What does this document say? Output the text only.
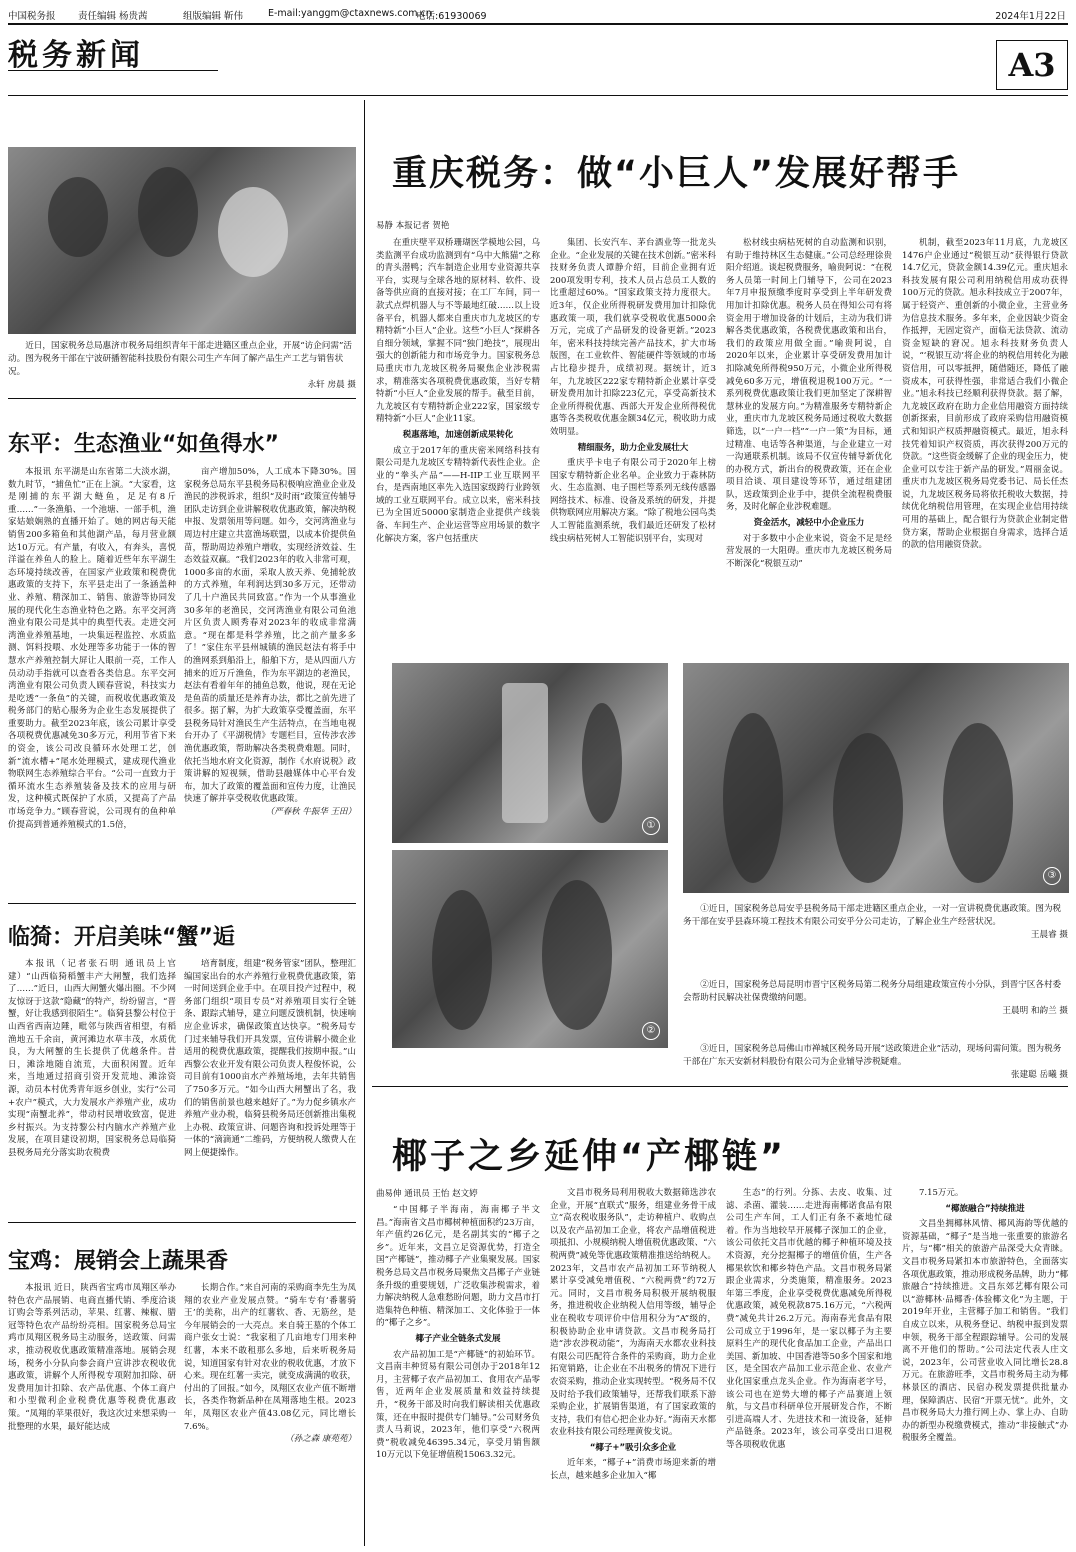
中国税务报 责任编辑 杨贵茜	组版编辑 靳伟	E-mail:yanggm@ctaxnews.com.cn
电话:61930069	2024年1月22日
税务新闻	A3
近日，国家税务总局惠济市税务局组织青年干部走进籍区重点企业，开展“访企问需”活动。图为税务干部在宁波研播智能科技股份有限公司生产车间了解产品生产工艺与销售状况。
永轩 房晨 摄
东平：生态渔业“如鱼得水”

本报讯 东平湖是山东省第二大淡水湖，数九时节，“捕鱼忙”正在上演。“大家看，这是刚捕的东平湖大鲢鱼，足足有8斤重……”一条渔船、一个池塘、一部手机，渔家姑娘娴熟的直播开始了。她的网店每天能销售200多箱鱼和其他湖产品，每月营业额达10万元。有产量，有收入，有奔头，喜悦洋溢在养鱼人的脸上。随着近些年东平湖生态环境持续改善，在国家产业政策和税费优惠政策的支持下，东平县走出了一条涵盖种业、养殖、精深加工、销售、旅游等协同发展的现代化生态渔业特色之路。东平交河湾渔业有限公司是其中的典型代表。走进交河湾渔业养殖基地，一块集远程监控、水质监测、饵料投喂、水处理等多功能于一体的智慧水产养殖控制大屏让人眼前一亮，工作人员动动手指就可以查看各类信息。东平交河湾渔业有限公司负责人顾春营说，科技实力是吃透“一条鱼”的关键，而税收优惠政策及税务部门的贴心服务为企业生态发展提供了重要助力。截至2023年底，该公司累计享受各项税费优惠减免30多万元，利用节省下来的资金，该公司改良循环水处理工艺，创新“流水槽+”尾水处理模式，建成现代渔业物联网生态养殖综合平台。“公司一直致力于循环流水生态养殖装备及技术的应用与研发，这种模式既保护了水质，又提高了产品市场竞争力。”顾春营说，公司现有的鱼种单价提高到普通养殖模式的1.5倍，

亩产增加50%，人工成本下降30%。国家税务总局东平县税务局积极响应渔业企业及渔民的涉税诉求，组织“及时雨”政策宣传辅导团队走访到企业讲解税收优惠政策，解决纳税申报、发票领用等问题。如今，交河湾渔业与周边村庄建立共富渔场联盟，以成本价提供鱼苗，帮助周边养殖户增收，实现经济效益、生态效益双赢。“我们2023年的收入非常可观，1000多亩的水面，采取人放天养、免捕轮放的方式养殖，年利润达到30多万元，还带动了几十户渔民共同致富。”作为一个从事渔业30多年的老渔民，交河湾渔业有限公司鱼池片区负责人顾秀春对2023年的收成非常满意。“现在都是科学养殖，比之前产量多多了！”家住东平县州城镇的渔民赵法有将手中的渔网系到船沿上，船舶下方，是从四面八方捕来的近万斤渔鱼，作为东平湖边的老渔民，赵法有看着年年的捕鱼总数，他说，现在无论是鱼苗的质量还是养育办法，都比之前先进了很多。据了解，为扩大政策享受覆盖面，东平县税务局针对渔民生产生活特点，在当地电视台开办了《平湖税情》专题栏目，宣传涉农涉渔优惠政策，帮助解决各类税费难题。同时，依托当地水府文化资源，制作《水府说税》政策讲解的短视频，借助县融媒体中心平台发布，加大了政策的覆盖面和宣传力度，让渔民快速了解并享受税收优惠政策。

（严春秋 牛振华 王田）

临猗：开启美味“蟹”逅

本报讯（记者张石明 通讯员上官建）“山西临猗稻蟹丰产大闸蟹，我们选择了……”近日，山西大闸蟹火爆出圈。不少网友惊讶于这款“隐藏”的特产，纷纷留言，“晋蟹，好让我感到很陌生”。临猗县黎公村位于山西省西南边陲，毗邻与陕西省相望，有稻渔地五千余亩，黄河滩边水草丰茂，水质优良，为大闸蟹的生长提供了优越条件。昔日，滩涂地随自流荒，大面积闲置。近年来，当地通过招商引资开发荒地、滩涂资源，动员本村优秀青年返乡创业，实行“公司+农户”模式，大力发展水产养殖产业，成功实现“南蟹北养”，带动村民增收致富，促进乡村振兴。为支持黎公村内脑水产养殖产业发展，在项目建设初期，国家税务总局临猗县税务局充分落实助农税费

培育制度，组建“税务管家”团队，整理汇编国家出台的水产养殖行业税费优惠政策，第一时间送到企业手中。在项目投产过程中，税务部门组织“项目专员”对养殖项目实行全链条、跟踪式辅导，建立问题反馈机制，快速响应企业诉求，确保政策直达快享。“税务局专门过来辅导我们开具发票，宣传讲解小微企业适用的税费优惠政策，提醒我们按期申报。”山西黎公农业开发有限公司负责人程俊怀说，公司目前有1000亩水产养殖场地，去年共销售了750多万元。“如今山西大闸蟹出了名，我们的销售前景也越来越好了。”为力促乡镇水产养殖产业办税，临猗县税务局还创新推出集税上办税、政策宣讲、问题咨询和投诉处理等于一体的“滴滴通”二维码，方便纳税人缴费人在网上便捷操作。

宝鸡：展销会上蔬果香

本报讯 近日，陕西省宝鸡市凤翔区举办特色农产品展销、电商直播代销、季度洽谈订购会等系列活动，苹果、红薯、辣椒、腊冠等特色农产品纷纷亮相。国家税务总局宝鸡市凤翔区税务局主动服务，送政策、问需求，推动税收优惠政策精准落地。展销会现场，税务小分队向参会商户宣讲涉农税收优惠政策，讲解个人所得税专项附加扣除、研发费用加计扣除、农产品优惠、个体工商户和小型微利企业税费优惠等税费优惠政策。“凤翔的苹果很好，我这次过来想采购一批整理的水果，最好能达成

长期合作。”来自河南的采购商李先生为凤翔的农业产业发展点赞。“骑车专有‘番薯骑王’的美称，出产的红薯软、香、无筋丝，是今年展销会的一大亮点。来自骑王墓的个体工商户张女士说：“我家租了几亩地专门用来种红薯，本来不敢租那么多地，后来听税务局说，知道国家有针对农业的税收优惠，才放下心来。现在红薯一卖完，就变成满满的收获，付出的了回报。”如今，凤翔区农业产值不断增长，各类作物新品种在凤翔落地生根。2023年，凤翔区农业产值43.08亿元，同比增长7.6%。

（孙之森 康苑苑）

重庆税务：做“小巨人”发展好帮手
易静 本报记者 贺艳

在重庆壁平双桥珊瑚医学模地公园，乌类监测平台成功监测到有“乌中大熊猫”之称的青头潜鸭；汽车制造企业用专业资源共享平台，实现与全球各地的原材料、软件、设备等供应商的直接对接；在工厂车间，同一款式点焊机器人与不等最地红破……以上设备平台，机器人都来自重庆市九龙坡区的专精特新“小巨人”企业。这些“小巨人”探耕各自细分领域，掌握不同“独门绝技”，展现出强大的创新能力和市场竞争力。国家税务总局重庆市九龙坡区税务局聚焦企业涉税需求，精准落实各项税费优惠政策，当好专精特新“小巨人”企业发展的帮手。截至目前，九龙坡区有专精特新企业222家，国家级专精特新“小巨人”企业11家。

税惠落地，加速创新成果转化

成立于2017年的重庆密米网络科技有限公司是九龙坡区专精特新代表性企业。企业的“拳头产品”——H-IIP工业互联网平台，是西南地区率先入选国家级跨行业跨领域的工业互联网平台。成立以来，密米科技已为全国近50000家制造企业提供产线装备、车间生产、企业运营等应用场景的数字化解决方案，客户包括重庆

集团、长安汽车、茅台酒业等一批龙头企业。“企业发展的关键在技术创新。”密米科技财务负责人谭静介绍，目前企业拥有近200项发明专利，技术人员占总员工人数的比重超过60%。“国家政策支持力度很大。近3年，仅企业所得税研发费用加计扣除优惠政策一项，我们就享受税收优惠5000余万元，完成了产品研发的设备更新。”2023年，密米科技持续完善产品技术，扩大市场版图，在工业软件、智能硬件等领域的市场占比稳步提升，成绩初现。据统计，近3年，九龙坡区222家专精特新企业累计享受研发费用加计扣除223亿元，享受高新技术企业所得税优惠、西部大开发企业所得税优惠等各类税收优惠金额34亿元，税收助力成效明显。

精细服务，助力企业发展壮大

重庆乎卡电子有限公司于2020年上榜国家专精特新企业名单。企业致力于森林防火、生态监测、电子围栏等系列无线传感器网络技术、标准、设备及系统的研发，并提供物联网应用解决方案。“除了税地公园鸟类人工智能监测系统，我们最近还研发了松材线虫病枯死树人工智能识别平台，实现对

松材线虫病枯死树的自动监测和识别，有助于维持林区生态健康。”公司总经理徐贵阳介绍道。谈起税费服务，喻贵阿说：“在税务人员第一时间上门辅导下，公司在2023年7月申报预缴季度时享受到上半年研发费用加计扣除优惠。税务人员在得知公司有将资金用于增加设备的计划后，主动为我们讲解各类优惠政策，各税费优惠政策和出台，我们的政策应用做全面。”喻贵阿说，自2020年以来，企业累计享受研发费用加计扣除减免所得税950万元，小微企业所得税减免60多万元，增值税退税100万元。“一系列税费优惠政策让我们更加坚定了深耕智慧林业的发展方向。”为精准服务专精特新企业，重庆市九龙坡区税务局通过税收大数据筛选，以“一户一档”“一户一策”为目标，通过精准、电话等各种渠道，与企业建立一对一沟通联系机制。该局不仅宣传辅导新优化的办税方式，新出台的税费政策，还在企业项目洽谈、项目建设等环节，通过组建团队，送政策到企业手中，提供全流程税费服务，及时化解企业涉税难题。

资金活水，减轻中小企业压力

对于多数中小企业来说，资金不足是经营发展的一大阻碍。重庆市九龙坡区税务局不断深化“税银互动”

机制，截至2023年11月底，九龙坡区1476户企业通过“税银互动”获得银行贷款14.7亿元，贷款金额14.39亿元。重庆旭永科技发展有限公司利用纳税信用成功获得100万元的贷款。旭永科技成立于2007年，属于轻资产、重创新的小微企业，主营业务为信息技术服务。多年来，企业因缺少资金作抵押，无固定资产，面临无法贷款、流动资金短缺的窘况。旭永科技财务负责人说，“‘税银互动’将企业的纳税信用转化为融资信用，可以零抵押，随借随还，降低了融资成本，可获得性强，非常适合我们小微企业。”旭永科技已经顺利获得贷款。据了解，九龙坡区政府在助力企业信用融资方面持续创新探索，目前形成了政府采购信用融资模式和知识产权质押融资模式。最近，旭永科技凭着知识产权资质，再次获得200万元的贷款。“这些资金缓解了企业的现金压力，使企业可以专注于新产品的研发。”周丽金说。重庆市九龙坡区税务局党委书记、局长任杰说，九龙坡区税务局将依托税收大数据，持续优化纳税信用管理，在实现企业信用持续可用的基础上，配合银行为贷款企业制定借贷方案，帮助企业根据自身需求，选择合适的款的信用融资贷款。

①
②
③
①近日，国家税务总局安乎县税务局干部走进籍区重点企业，一对一宣讲税费优惠政策。图为税务干部在安乎县森环境工程技术有限公司安乎分公司走访，了解企业生产经营状况。
王晨睿 摄
②近日，国家税务总局昆明市晋宁区税务局第二税务分局组建政策宣传小分队，到晋宁区各村委会帮助村民解决社保费缴纳问题。
王晨明 和韵兰 摄
③近日，国家税务总局佛山市禅城区税务局开展“送政策进企业”活动，现场问需问策。图为税务干部在广东天安新材料股份有限公司为企业辅导涉税疑难。
张建聪 岳曦 摄
椰子之乡延伸“产椰链”
曲易伸 通讯员 王怡 赵文婷

“中国椰子半海南，海南椰子半文昌。”海南省文昌市椰树种植面积约23万亩，年产值约26亿元，是名副其实的“椰子之乡”。近年来，文昌立足资源优势，打造全国“产椰链”，推动椰子产业集聚发展。国家税务总局文昌市税务局聚焦文昌椰子产业链条升级的重要规划，广泛收集涉税需求，着力解决纳税人急难愁盼问题，助力文昌市打造集特色种植、精深加工、文化体验于一体的“椰子之乡”。

椰子产业全链条式发展

农产品初加工是“产椰链”的初始环节。文昌南丰种贸易有限公司创办于2018年12月，主营椰子农产品初加工、食用农产品零售，近两年企业发展质量和效益持续提升，“税务干部及时向我们解读相关优惠政策，还在申报时提供专门辅导。”公司财务负责人马莉说，2023年，他们享受“六税两费”税收减免46395.34元，享受月销售额10万元以下免征增值税15063.32元。

文昌市税务局利用税收大数据筛选涉农企业，开展“直联式”服务，组建业务骨干成立“高农税收服务队”，走访种植户、收购点以及农产品初加工企业，将农产品增值税进项抵扣、小规模纳税人增值税优惠政策、“六税两费”减免等优惠政策精准推送给纳税人。2023年，文昌市农产品初加工环节纳税人累计享受减免增值税、“六税两费”约72万元。同时，文昌市税务局积极开展纳税服务，推进税收企业纳税人信用等级，辅导企业在税收专项评价中信用积分为“A”级的，积极协助企业申请贷款。文昌市税务局打造“涉农涉税动能”，为海南天水都农业科技有限公司匹配符合条件的采购商，助力企业拓宽销路，让企业在不出税务的情况下进行农资采购，推动企业实现转型。“税务局不仅及时给予我们政策辅导，还帮我们联系下游采购企业，扩展销售渠道，有了国家政策的支持，我们有信心把企业办好。”海南天水都农业科技有限公司经理黄俊戈说。

“椰子+”吸引众多企业

近年来，“椰子+”消费市场迎来新的增长点，越来越多企业加入“椰

生态”的行列。分拣、去皮、收集、过滤、杀菌、灌装……走进海南椰诺食品有限公司生产车间，工人们正有条不紊地忙碌着。作为当地较早开展椰子深加工的企业，该公司依托文昌市优越的椰子种植环境及技术资源，充分挖掘椰子的增值价值，生产各椰果软饮和椰乡特色产品。文昌市税务局紧跟企业需求，分类施策，精准服务。2023年第三季度，企业享受税费优惠减免所得税优惠政策，减免税款875.16万元，“六税两费”减免共计26.2万元。海南春光食品有限公司成立于1996年，是一家以椰子为主要原料生产的现代化食品加工企业，产品出口美国、新加坡、中国香港等50多个国家和地区，是全国农产品加工业示范企业、农业产业化国家重点龙头企业。作为海南老字号，该公司也在逆势大增的椰子产品赛道上领航，与文昌市科研单位开展研发合作，不断引进高端人才、先进技术和一流设备，延伸产品链条。2023年，该公司享受出口退税等各项税收优惠

7.15万元。

“椰旅融合”持续推进

文昌坐拥椰林风情、椰风海韵等优越的资源基础，“椰子”是当地一张重要的旅游名片，与“椰”相关的旅游产品深受大众青睐。文昌市税务局紧扣本市旅游特色，全面落实各项优惠政策，推动形成税务品牌，助力“椰旅融合”持续推进。文昌东郊艺椰有限公司以“游椰林·品椰香·体验椰文化”为主题，于2019年开业，主营椰子加工和销售。“我们自成立以来，从税务登记、纳税申报到发票申领，税务干部全程跟踪辅导。公司的发展离不开他们的帮助。”公司法定代表人庄文说，2023年，公司营业收入同比增长28.8万元。在旅游旺季，文昌市税务局主动为椰林景区的酒店、民宿办税发票提供批量办理，保障酒店、民宿“开票无忧”。此外，文昌市税务局大力推行网上办、掌上办、自助办的新型办税缴费模式，推动“非接触式”办税服务全覆盖。
